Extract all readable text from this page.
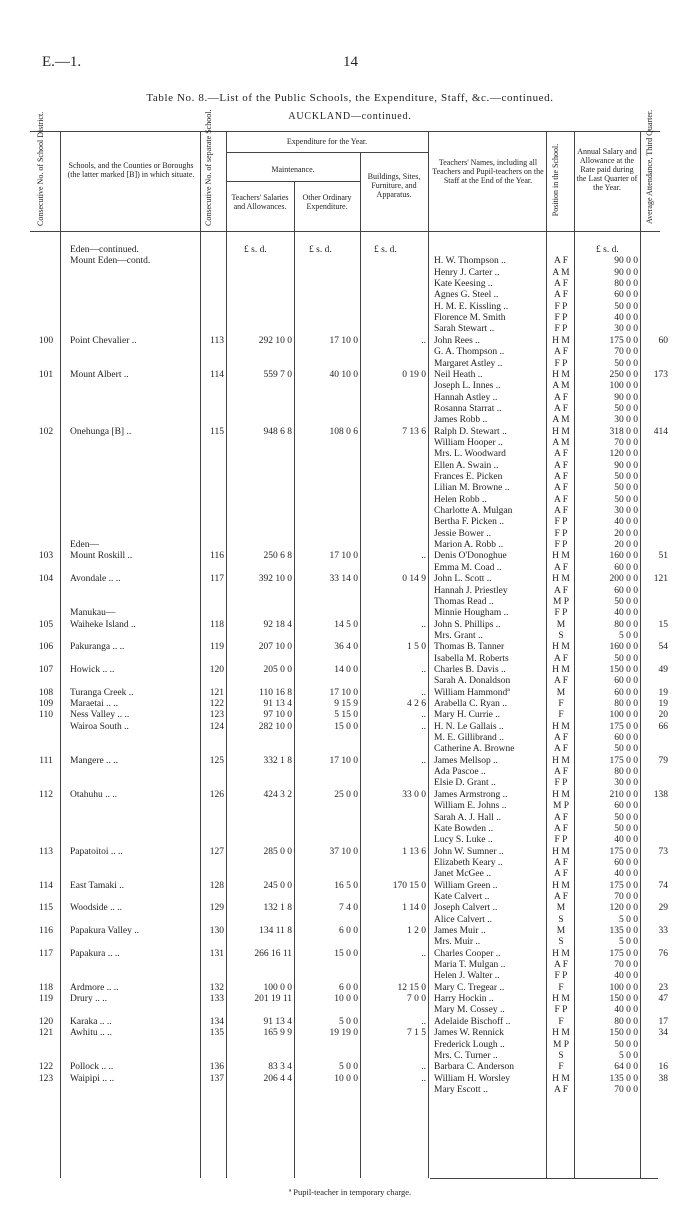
E.—1.	14
Table No. 8.—List of the Public Schools, the Expenditure, Staff, &c.—continued.
AUCKLAND—continued.
Consecutive No. of School District.	Schools, and the Counties or Boroughs (the latter marked [B]) in which situate. Consecutive No. of separate School.	Expenditure for the Year.
Maintenance.
Teachers' Salaries and Allowances.
Other Ordinary Expenditure.
Buildings, Sites, Furniture, and Apparatus.
Teachers' Names, including all Teachers and Pupil-teachers on the Staff at the End of the Year.	Position in the School. Annual Salary and Allowance at the Rate paid during the Last Quarter of the Year.	Average Attendance, Third Quarter.
£ s. d.	£ s. d.	£ s. d.	£ s. d.
Eden—continued.
Mount Eden—contd.	H. W. Thompson ..	A F	90 0 0
Henry J. Carter ..	A M	90 0 0
Kate Keesing ..	A F	80 0 0
Agnes G. Steel ..	A F	60 0 0
H. M. E. Kissling ..	F P	50 0 0
Florence M. Smith	F P	40 0 0
Sarah Stewart ..	F P	30 0 0
100	Point Chevalier ..	113	292 10 0	17 10 0	.. John Rees ..	H M	175 0 0	60
G. A. Thompson ..	A F	70 0 0
Margaret Astley ..	F P	50 0 0
101	Mount Albert ..	114	559 7 0	40 10 0	0 19 0 Neil Heath ..	H M	250 0 0	173
Joseph L. Innes ..	A M	100 0 0
Hannah Astley ..	A F	90 0 0
Rosanna Starrat ..	A F	50 0 0
James Robb ..	A M	30 0 0
102	Onehunga [B] ..	115	948 6 8	108 0 6	7 13 6 Ralph D. Stewart ..	H M	318 0 0	414
William Hooper ..	A M	70 0 0
Mrs. L. Woodward	A F	120 0 0
Ellen A. Swain ..	A F	90 0 0
Frances E. Picken	A F	50 0 0
Lilian M. Browne ..	A F	50 0 0
Helen Robb ..	A F	50 0 0
Charlotte A. Mulgan	A F	30 0 0
Bertha F. Picken ..	F P	40 0 0
Jessie Bower ..	F P	20 0 0
Eden—	Marion A. Robb ..	F P	20 0 0
103	Mount Roskill ..	116	250 6 8	17 10 0	.. Denis O'Donoghue	H M	160 0 0	51
Emma M. Coad ..	A F	60 0 0
104	Avondale .. ..	117	392 10 0	33 14 0	0 14 9 John L. Scott ..	H M	200 0 0	121
Hannah J. Priestley	A F	60 0 0
Thomas Read ..	M P	50 0 0
Manukau—	Minnie Hougham ..	F P	40 0 0
105	Waiheke Island ..	118	92 18 4	14 5 0	.. John S. Phillips ..	M	80 0 0	15
Mrs. Grant ..	S	5 0 0
106	Pakuranga .. ..	119	207 10 0	36 4 0	1 5 0 Thomas B. Tanner	H M	160 0 0	54
Isabella M. Roberts	A F	50 0 0
107	Howick .. ..	120	205 0 0	14 0 0	.. Charles B. Davis ..	H M	150 0 0	49
Sarah A. Donaldson	A F	60 0 0
108	Turanga Creek ..	121	110 16 8	17 10 0	.. William Hammondª	M	60 0 0	19
109	Maraetai .. ..	122	91 13 4	9 15 9	4 2 6 Arabella C. Ryan ..	F	80 0 0	19
110	Ness Valley .. ..	123	97 10 0	5 15 0	.. Mary H. Currie ..	F	100 0 0	20
Wairoa South ..	124	282 10 0	15 0 0	.. H. N. Le Gallais ..	H M	175 0 0	66
M. E. Gillibrand ..	A F	60 0 0
Catherine A. Browne	A F	50 0 0
111	Mangere .. ..	125	332 1 8	17 10 0	.. James Mellsop ..	H M	175 0 0	79
Ada Pascoe ..	A F	80 0 0
Elsie D. Grant ..	F P	30 0 0
112	Otahuhu .. ..	126	424 3 2	25 0 0	33 0 0 James Armstrong ..	H M	210 0 0	138
William E. Johns ..	M P	60 0 0
Sarah A. J. Hall ..	A F	50 0 0
Kate Bowden ..	A F	50 0 0
Lucy S. Luke ..	F P	40 0 0
113	Papatoitoi .. ..	127	285 0 0	37 10 0	1 13 6 John W. Sumner ..	H M	175 0 0	73
Elizabeth Keary ..	A F	60 0 0
Janet McGee ..	A F	40 0 0
114	East Tamaki ..	128	245 0 0	16 5 0	170 15 0 William Green ..	H M	175 0 0	74
Kate Calvert ..	A F	70 0 0
115	Woodside .. ..	129	132 1 8	7 4 0	1 14 0 Joseph Calvert ..	M	120 0 0	29
Alice Calvert ..	S	5 0 0
116	Papakura Valley ..	130	134 11 8	6 0 0	1 2 0 James Muir ..	M	135 0 0	33
Mrs. Muir ..	S	5 0 0
117	Papakura .. ..	131	266 16 11	15 0 0	.. Charles Cooper ..	H M	175 0 0	76
Maria T. Mulgan ..	A F	70 0 0
Helen J. Walter ..	F P	40 0 0
118	Ardmore .. ..	132	100 0 0	6 0 0	12 15 0 Mary C. Tregear ..	F	100 0 0	23
119	Drury .. ..	133	201 19 11	10 0 0	7 0 0 Harry Hockin ..	H M	150 0 0	47
Mary M. Cossey ..	F P	40 0 0
120	Karaka .. ..	134	91 13 4	5 0 0	.. Adelaide Bischoff ..	F	80 0 0	17
121	Awhitu .. ..	135	165 9 9	19 19 0	7 1 5 James W. Rennick	H M	150 0 0	34
Frederick Lough ..	M P	50 0 0
Mrs. C. Turner ..	S	5 0 0
122	Pollock .. ..	136	83 3 4	5 0 0	.. Barbara C. Anderson	F	64 0 0	16
123	Waipipi .. ..	137	206 4 4	10 0 0	.. William H. Worsley	H M	135 0 0	38
Mary Escott ..	A F	70 0 0
ª Pupil-teacher in temporary charge.
